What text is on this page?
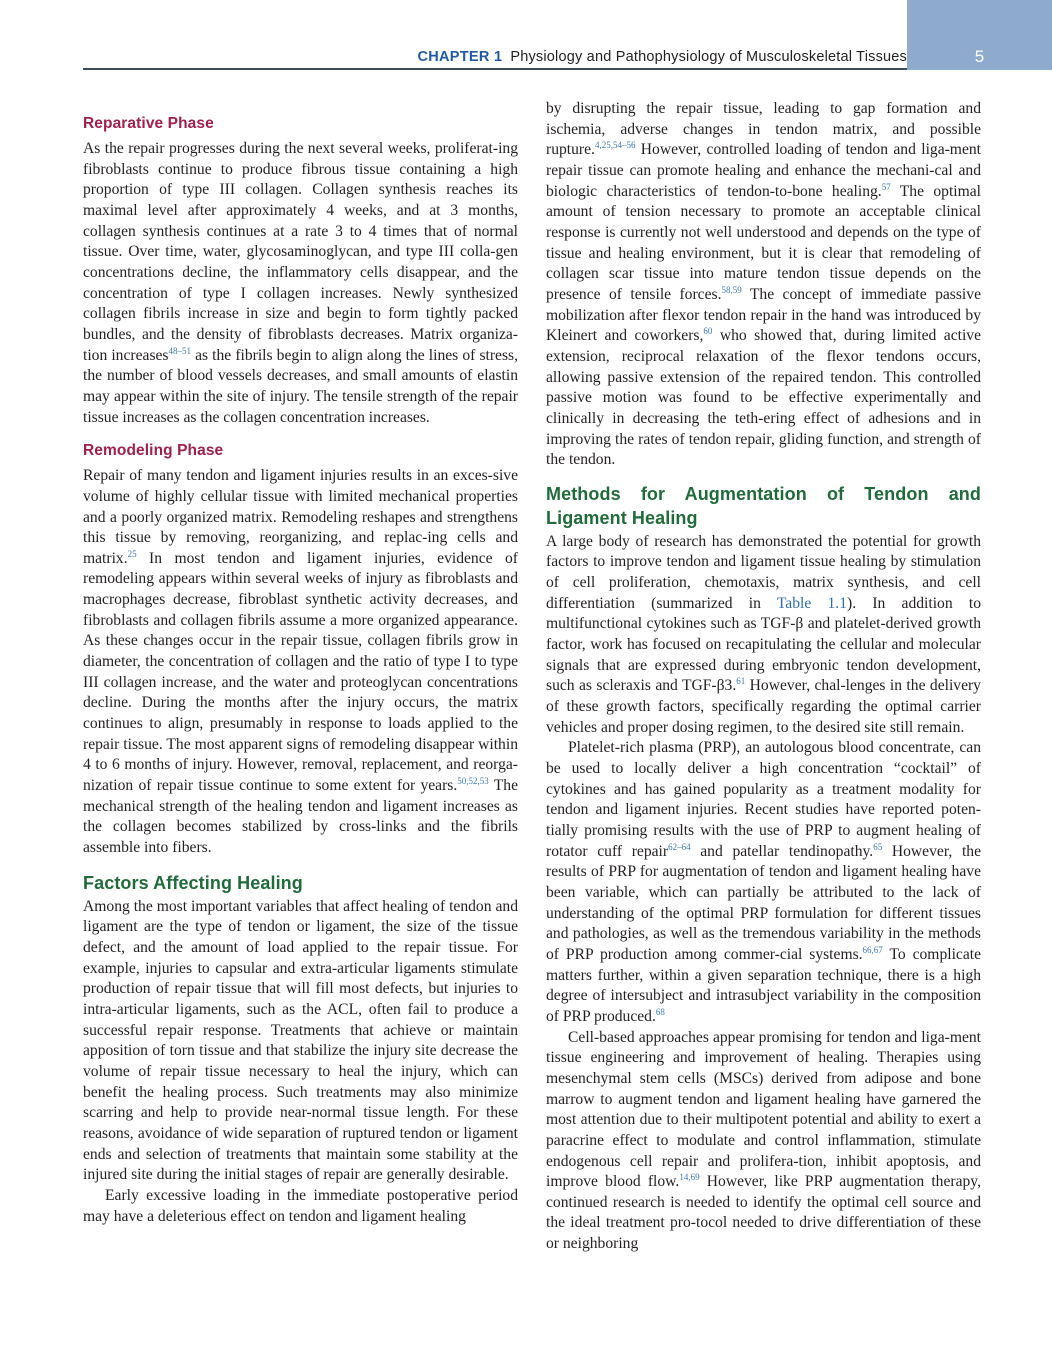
5
CHAPTER 1 Physiology and Pathophysiology of Musculoskeletal Tissues
Reparative Phase

As the repair progresses during the next several weeks, proliferat-ing fibroblasts continue to produce fibrous tissue containing a high proportion of type III collagen. Collagen synthesis reaches its maximal level after approximately 4 weeks, and at 3 months, collagen synthesis continues at a rate 3 to 4 times that of normal tissue. Over time, water, glycosaminoglycan, and type III colla-gen concentrations decline, the inflammatory cells disappear, and the concentration of type I collagen increases. Newly synthesized collagen fibrils increase in size and begin to form tightly packed bundles, and the density of fibroblasts decreases. Matrix organiza-tion increases$^{48-51}$ as the fibrils begin to align along the lines of stress, the number of blood vessels decreases, and small amounts of elastin may appear within the site of injury. The tensile strength of the repair tissue increases as the collagen concentration increases.

Remodeling Phase

Repair of many tendon and ligament injuries results in an exces-sive volume of highly cellular tissue with limited mechanical properties and a poorly organized matrix. Remodeling reshapes and strengthens this tissue by removing, reorganizing, and replac-ing cells and matrix.$^{25}$ In most tendon and ligament injuries, evidence of remodeling appears within several weeks of injury as fibroblasts and macrophages decrease, fibroblast synthetic activity decreases, and fibroblasts and collagen fibrils assume a more organized appearance. As these changes occur in the repair tissue, collagen fibrils grow in diameter, the concentration of collagen and the ratio of type I to type III collagen increase, and the water and proteoglycan concentrations decline. During the months after the injury occurs, the matrix continues to align, presumably in response to loads applied to the repair tissue. The most apparent signs of remodeling disappear within 4 to 6 months of injury. However, removal, replacement, and reorga-nization of repair tissue continue to some extent for years.$^{50,52,53}$ The mechanical strength of the healing tendon and ligament increases as the collagen becomes stabilized by cross-links and the fibrils assemble into fibers.

Factors Affecting Healing

Among the most important variables that affect healing of tendon and ligament are the type of tendon or ligament, the size of the tissue defect, and the amount of load applied to the repair tissue. For example, injuries to capsular and extra-articular ligaments stimulate production of repair tissue that will fill most defects, but injuries to intra-articular ligaments, such as the ACL, often fail to produce a successful repair response. Treatments that achieve or maintain apposition of torn tissue and that stabilize the injury site decrease the volume of repair tissue necessary to heal the injury, which can benefit the healing process. Such treatments may also minimize scarring and help to provide near-normal tissue length. For these reasons, avoidance of wide separation of ruptured tendon or ligament ends and selection of treatments that maintain some stability at the injured site during the initial stages of repair are generally desirable.

Early excessive loading in the immediate postoperative period may have a deleterious effect on tendon and ligament healing

by disrupting the repair tissue, leading to gap formation and ischemia, adverse changes in tendon matrix, and possible rupture.$^{4,25,54-56}$ However, controlled loading of tendon and liga-ment repair tissue can promote healing and enhance the mechani-cal and biologic characteristics of tendon-to-bone healing.$^{57}$ The optimal amount of tension necessary to promote an acceptable clinical response is currently not well understood and depends on the type of tissue and healing environment, but it is clear that remodeling of collagen scar tissue into mature tendon tissue depends on the presence of tensile forces.$^{58,59}$ The concept of immediate passive mobilization after flexor tendon repair in the hand was introduced by Kleinert and coworkers,$^{60}$ who showed that, during limited active extension, reciprocal relaxation of the flexor tendons occurs, allowing passive extension of the repaired tendon. This controlled passive motion was found to be effective experimentally and clinically in decreasing the teth-ering effect of adhesions and in improving the rates of tendon repair, gliding function, and strength of the tendon.

Methods for Augmentation of Tendon and Ligament Healing

A large body of research has demonstrated the potential for growth factors to improve tendon and ligament tissue healing by stimulation of cell proliferation, chemotaxis, matrix synthesis, and cell differentiation (summarized in Table 1.1). In addition to multifunctional cytokines such as TGF-β and platelet-derived growth factor, work has focused on recapitulating the cellular and molecular signals that are expressed during embryonic tendon development, such as scleraxis and TGF-β3.61 However, chal-lenges in the delivery of these growth factors, specifically regarding the optimal carrier vehicles and proper dosing regimen, to the desired site still remain.

Platelet-rich plasma (PRP), an autologous blood concentrate, can be used to locally deliver a high concentration “cocktail” of cytokines and has gained popularity as a treatment modality for tendon and ligament injuries. Recent studies have reported poten-tially promising results with the use of PRP to augment healing of rotator cuff repair$^{62-64}$ and patellar tendinopathy.$^{65}$ However, the results of PRP for augmentation of tendon and ligament healing have been variable, which can partially be attributed to the lack of understanding of the optimal PRP formulation for different tissues and pathologies, as well as the tremendous variability in the methods of PRP production among commer-cial systems.$^{66,67}$ To complicate matters further, within a given separation technique, there is a high degree of intersubject and intrasubject variability in the composition of PRP produced.$^{68}$

Cell-based approaches appear promising for tendon and liga-ment tissue engineering and improvement of healing. Therapies using mesenchymal stem cells (MSCs) derived from adipose and bone marrow to augment tendon and ligament healing have garnered the most attention due to their multipotent potential and ability to exert a paracrine effect to modulate and control inflammation, stimulate endogenous cell repair and prolifera-tion, inhibit apoptosis, and improve blood flow.$^{14,69}$ However, like PRP augmentation therapy, continued research is needed to identify the optimal cell source and the ideal treatment pro-tocol needed to drive differentiation of these or neighboring
